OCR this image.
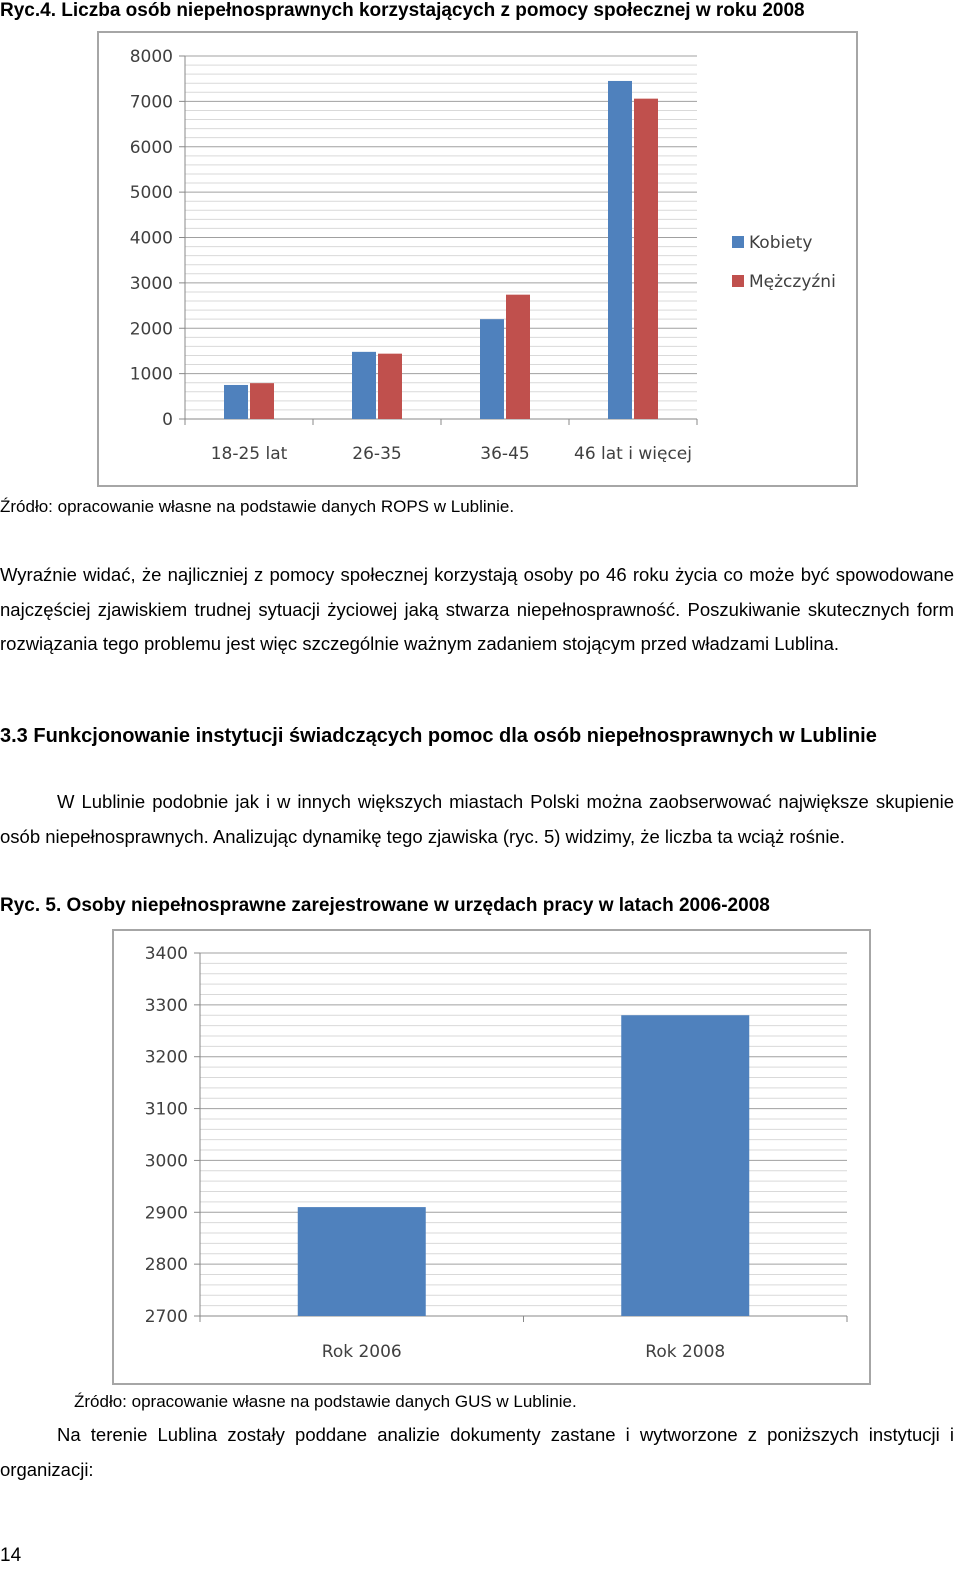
Ryc.4. Liczba osób niepełnosprawnych korzystających z pomocy społecznej w roku 2008
0
1000
2000
3000
4000
5000
6000
7000
8000
18-25 lat	26-35	36-45	46 lat i więcej
Kobiety
Mężczyźni
Źródło: opracowanie własne na podstawie danych ROPS w Lublinie.
Wyraźnie widać, że najliczniej z pomocy społecznej korzystają osoby po 46 roku życia co może być spowodowane najczęściej zjawiskiem trudnej sytuacji życiowej jaką stwarza niepełnosprawność. Poszukiwanie skutecznych form rozwiązania tego problemu jest więc szczególnie ważnym zadaniem stojącym przed władzami Lublina.
3.3 Funkcjonowanie instytucji świadczących pomoc dla osób niepełnosprawnych w Lublinie
W Lublinie podobnie jak i w innych większych miastach Polski można zaobserwować największe skupienie osób niepełnosprawnych. Analizując dynamikę tego zjawiska (ryc. 5) widzimy, że liczba ta wciąż rośnie.
Ryc. 5. Osoby niepełnosprawne zarejestrowane w urzędach pracy w latach 2006-2008
2700
2800
2900
3000
3100
3200
3300
3400
Rok 2006	Rok 2008
Źródło: opracowanie własne na podstawie danych GUS w Lublinie.
Na terenie Lublina zostały poddane analizie dokumenty zastane i wytworzone z poniższych instytucji i organizacji:
14
